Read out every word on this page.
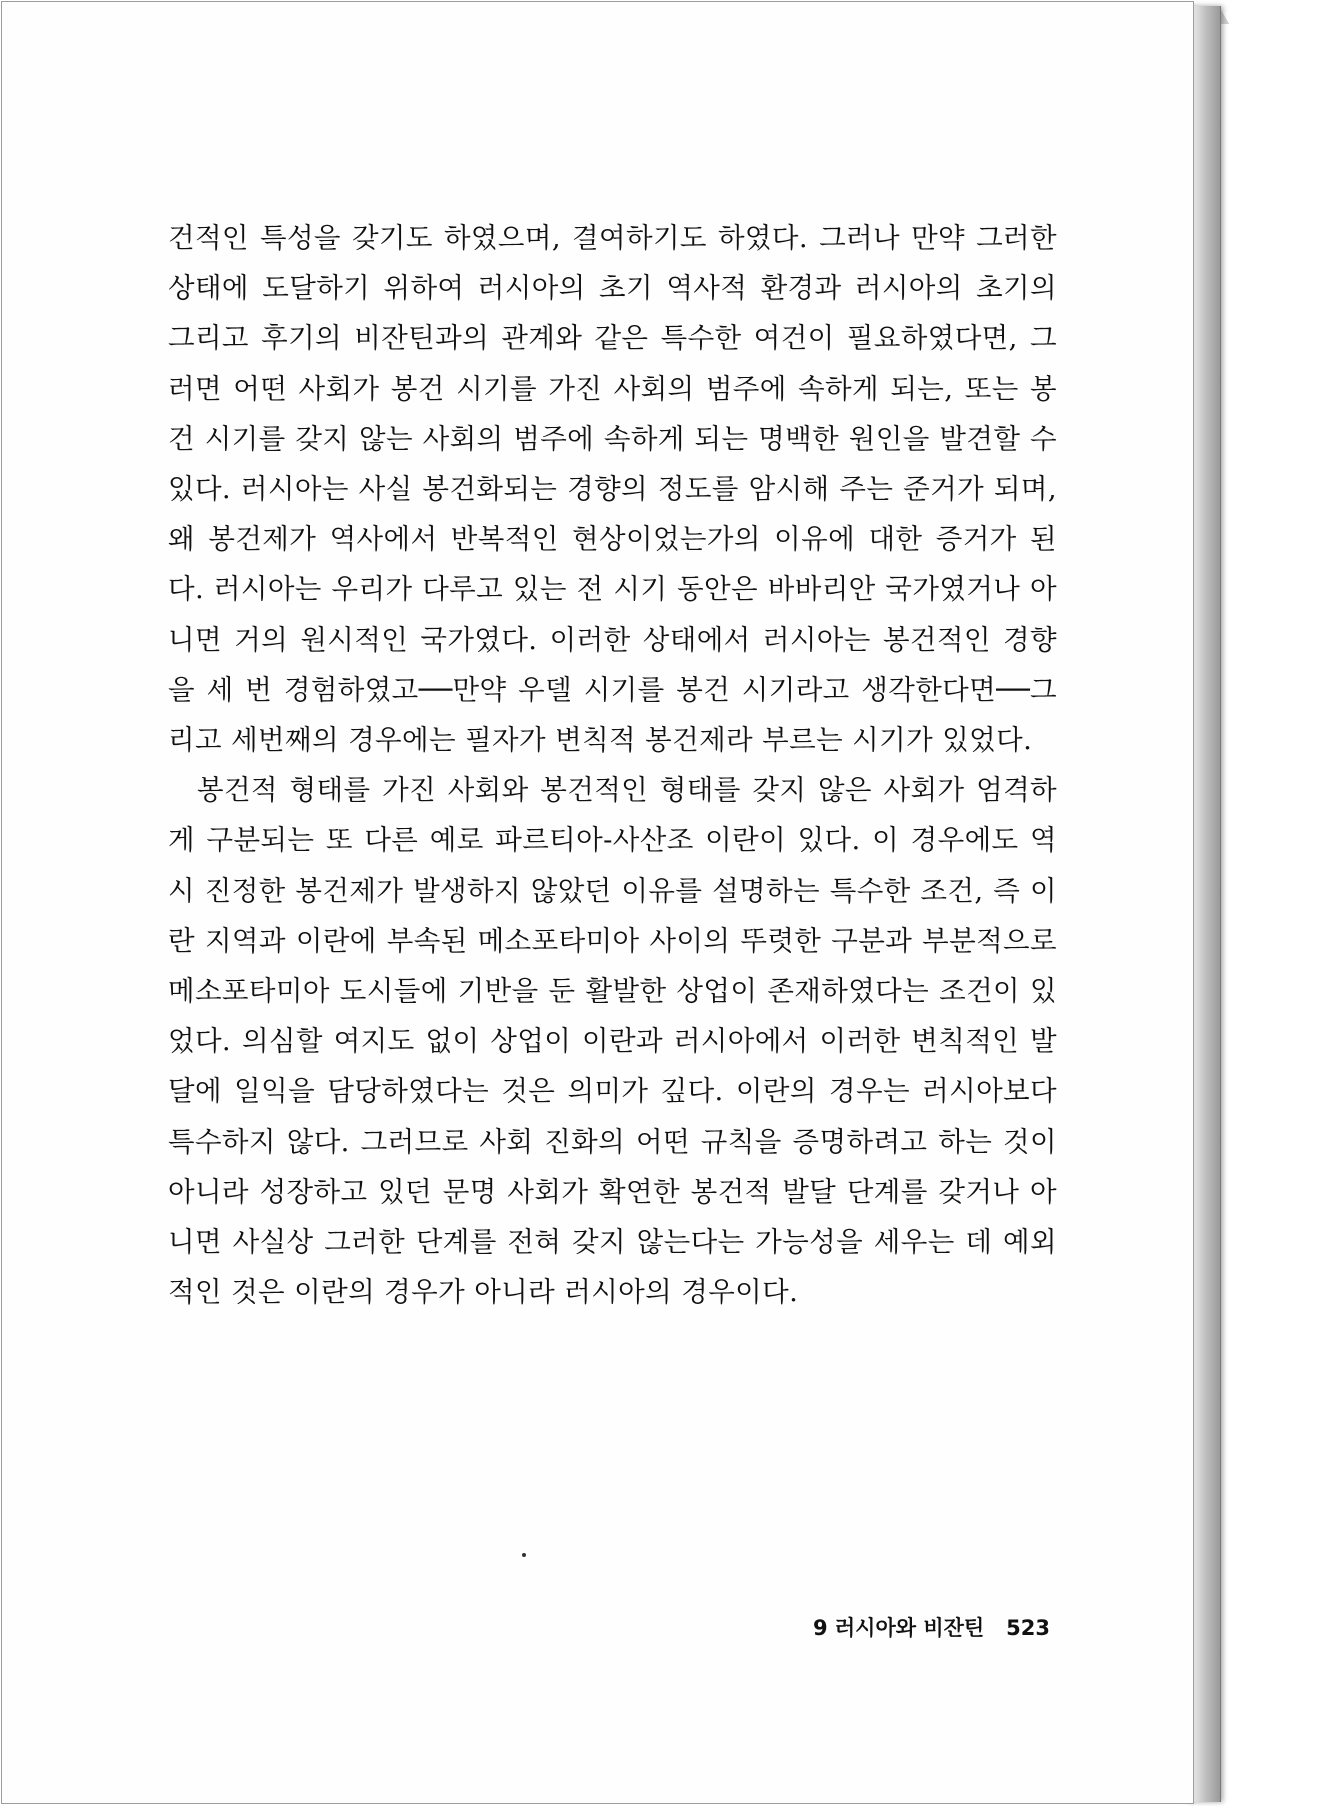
건적인 특성을 갖기도 하였으며, 결여하기도 하였다. 그러나 만약 그러한 상태에 도달하기 위하여 러시아의 초기 역사적 환경과 러시아의 초기의 그리고 후기의 비잔틴과의 관계와 같은 특수한 여건이 필요하였다면, 그러면 어떤 사회가 봉건 시기를 가진 사회의 범주에 속하게 되는, 또는 봉건 시기를 갖지 않는 사회의 범주에 속하게 되는 명백한 원인을 발견할 수 있다. 러시아는 사실 봉건화되는 경향의 정도를 암시해 주는 준거가 되며, 왜 봉건제가 역사에서 반복적인 현상이었는가의 이유에 대한 증거가 된다. 러시아는 우리가 다루고 있는 전 시기 동안은 바바리안 국가였거나 아니면 거의 원시적인 국가였다. 이러한 상태에서 러시아는 봉건적인 경향을 세 번 경험하였고──만약 우델 시기를 봉건 시기라고 생각한다면──그리고 세번째의 경우에는 필자가 변칙적 봉건제라 부르는 시기가 있었다.

봉건적 형태를 가진 사회와 봉건적인 형태를 갖지 않은 사회가 엄격하게 구분되는 또 다른 예로 파르티아-사산조 이란이 있다. 이 경우에도 역시 진정한 봉건제가 발생하지 않았던 이유를 설명하는 특수한 조건, 즉 이란 지역과 이란에 부속된 메소포타미아 사이의 뚜렷한 구분과 부분적으로 메소포타미아 도시들에 기반을 둔 활발한 상업이 존재하였다는 조건이 있었다. 의심할 여지도 없이 상업이 이란과 러시아에서 이러한 변칙적인 발달에 일익을 담당하였다는 것은 의미가 깊다. 이란의 경우는 러시아보다 특수하지 않다. 그러므로 사회 진화의 어떤 규칙을 증명하려고 하는 것이 아니라 성장하고 있던 문명 사회가 확연한 봉건적 발달 단계를 갖거나 아니면 사실상 그러한 단계를 전혀 갖지 않는다는 가능성을 세우는 데 예외적인 것은 이란의 경우가 아니라 러시아의 경우이다.

9 러시아와 비잔틴 523
